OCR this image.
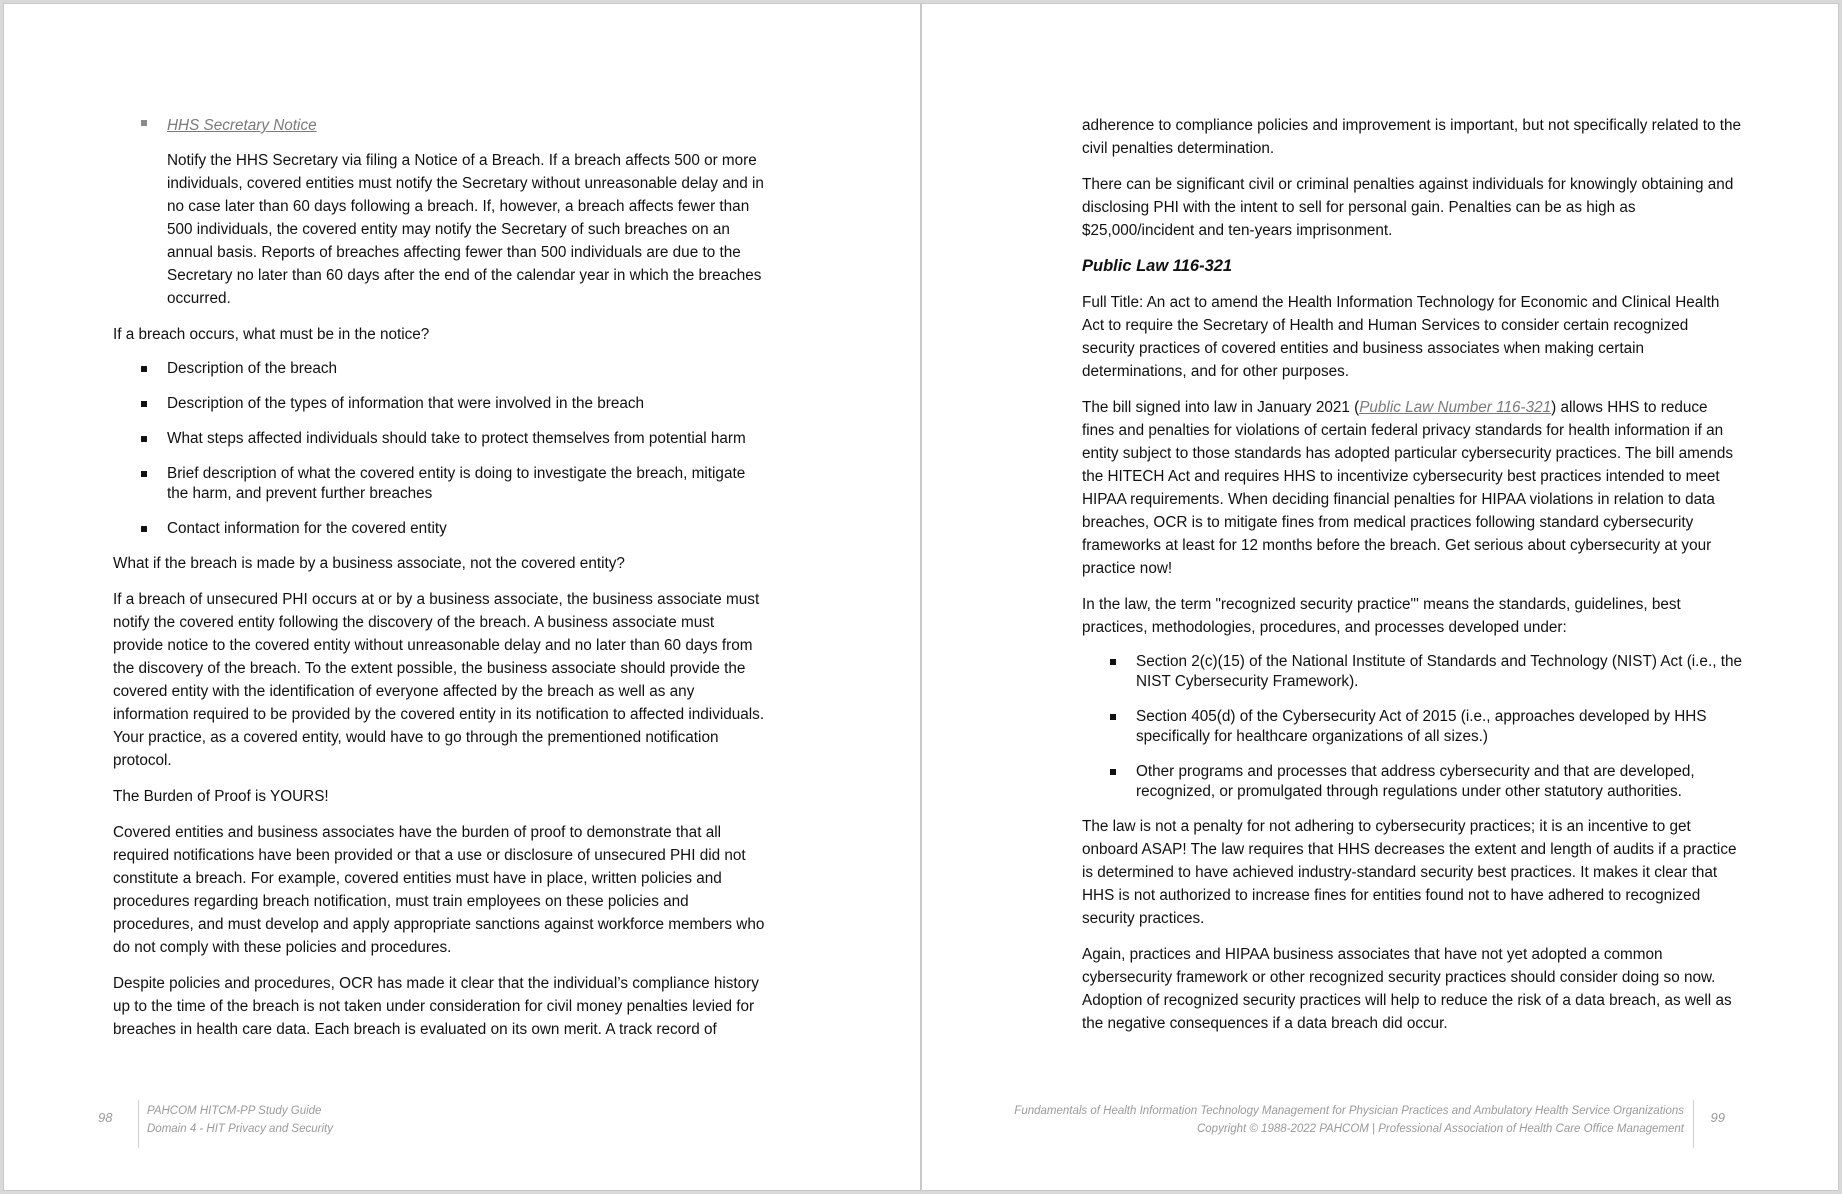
HHS Secretary Notice

Notify the HHS Secretary via filing a Notice of a Breach. If a breach affects 500 or more individuals, covered entities must notify the Secretary without unreasonable delay and in no case later than 60 days following a breach. If, however, a breach affects fewer than 500 individuals, the covered entity may notify the Secretary of such breaches on an annual basis. Reports of breaches affecting fewer than 500 individuals are due to the Secretary no later than 60 days after the end of the calendar year in which the breaches occurred.

If a breach occurs, what must be in the notice?

Description of the breach
Description of the types of information that were involved in the breach
What steps affected individuals should take to protect themselves from potential harm
Brief description of what the covered entity is doing to investigate the breach, mitigate the harm, and prevent further breaches
Contact information for the covered entity

What if the breach is made by a business associate, not the covered entity?

If a breach of unsecured PHI occurs at or by a business associate, the business associate must notify the covered entity following the discovery of the breach. A business associate must provide notice to the covered entity without unreasonable delay and no later than 60 days from the discovery of the breach. To the extent possible, the business associate should provide the covered entity with the identification of everyone affected by the breach as well as any information required to be provided by the covered entity in its notification to affected individuals. Your practice, as a covered entity, would have to go through the prementioned notification protocol.

The Burden of Proof is YOURS!

Covered entities and business associates have the burden of proof to demonstrate that all required notifications have been provided or that a use or disclosure of unsecured PHI did not constitute a breach. For example, covered entities must have in place, written policies and procedures regarding breach notification, must train employees on these policies and procedures, and must develop and apply appropriate sanctions against workforce members who do not comply with these policies and procedures.

Despite policies and procedures, OCR has made it clear that the individual’s compliance history up to the time of the breach is not taken under consideration for civil money penalties levied for breaches in health care data. Each breach is evaluated on its own merit. A track record of

98	PAHCOM HITCM-PP Study Guide
Domain 4 - HIT Privacy and Security

adherence to compliance policies and improvement is important, but not specifically related to the civil penalties determination.

There can be significant civil or criminal penalties against individuals for knowingly obtaining and disclosing PHI with the intent to sell for personal gain. Penalties can be as high as $25,000/incident and ten-years imprisonment.

Public Law 116-321

Full Title: An act to amend the Health Information Technology for Economic and Clinical Health Act to require the Secretary of Health and Human Services to consider certain recognized security practices of covered entities and business associates when making certain determinations, and for other purposes.

The bill signed into law in January 2021 (Public Law Number 116-321) allows HHS to reduce fines and penalties for violations of certain federal privacy standards for health information if an entity subject to those standards has adopted particular cybersecurity practices. The bill amends the HITECH Act and requires HHS to incentivize cybersecurity best practices intended to meet HIPAA requirements. When deciding financial penalties for HIPAA violations in relation to data breaches, OCR is to mitigate fines from medical practices following standard cybersecurity frameworks at least for 12 months before the breach. Get serious about cybersecurity at your practice now!

In the law, the term "recognized security practice"' means the standards, guidelines, best practices, methodologies, procedures, and processes developed under:

Section 2(c)(15) of the National Institute of Standards and Technology (NIST) Act (i.e., the NIST Cybersecurity Framework).
Section 405(d) of the Cybersecurity Act of 2015 (i.e., approaches developed by HHS specifically for healthcare organizations of all sizes.)
Other programs and processes that address cybersecurity and that are developed, recognized, or promulgated through regulations under other statutory authorities.

The law is not a penalty for not adhering to cybersecurity practices; it is an incentive to get onboard ASAP! The law requires that HHS decreases the extent and length of audits if a practice is determined to have achieved industry-standard security best practices. It makes it clear that HHS is not authorized to increase fines for entities found not to have adhered to recognized security practices.

Again, practices and HIPAA business associates that have not yet adopted a common cybersecurity framework or other recognized security practices should consider doing so now. Adoption of recognized security practices will help to reduce the risk of a data breach, as well as the negative consequences if a data breach did occur.

Fundamentals of Health Information Technology Management for Physician Practices and Ambulatory Health Service Organizations
Copyright © 1988-2022 PAHCOM | Professional Association of Health Care Office Management
99
